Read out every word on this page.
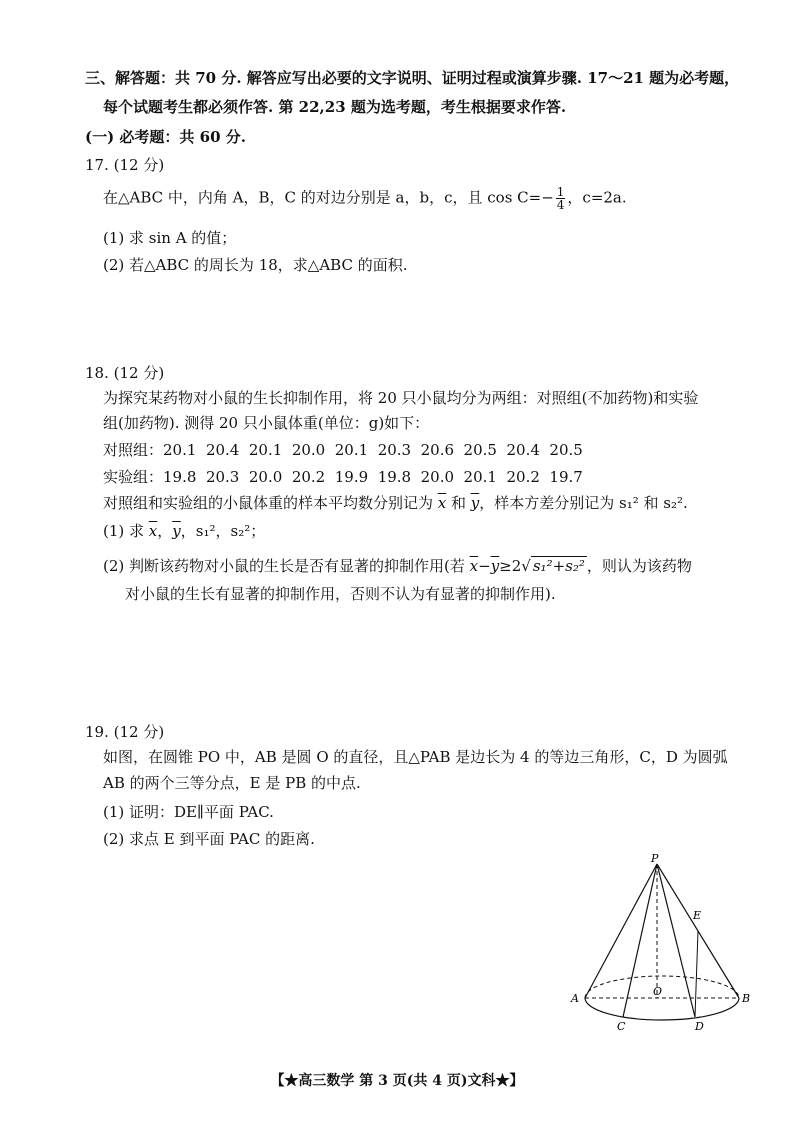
三、解答题：共 70 分. 解答应写出必要的文字说明、证明过程或演算步骤. 17～21 题为必考题，
每个试题考生都必须作答. 第 22,23 题为选考题，考生根据要求作答.
(一) 必考题：共 60 分.
17. (12 分)
在△ABC 中，内角 A，B，C 的对边分别是 a，b，c，且 $\cos C=- \frac{1}{4}$ ，c=2a.
(1) 求 sin A 的值；
(2) 若△ABC 的周长为 18，求△ABC 的面积.
18. (12 分)
为探究某药物对小鼠的生长抑制作用，将 20 只小鼠均分为两组：对照组(不加药物)和实验
组(加药物). 测得 20 只小鼠体重(单位：g)如下：
对照组：20.1  20.4  20.1  20.0  20.1  20.3  20.6  20.5  20.4  20.5
实验组：19.8  20.3  20.0  20.2  19.9  19.8  20.0  20.1  20.2  19.7
对照组和实验组的小鼠体重的样本平均数分别记为 $\overline{x}$ 和 $\overline{y}$，样本方差分别记为 s₁² 和 s₂².
(1) 求 $\overline{x}$，$\overline{y}$，s₁²，s₂²；
(2) 判断该药物对小鼠的生长是否有显著的抑制作用(若 $\overline{x}-\overline{y}\ge 2√$ s₁²+s₂² ，则认为该药物
对小鼠的生长有显著的抑制作用，否则不认为有显著的抑制作用).
19. (12 分)
如图，在圆锥 PO 中，AB 是圆 O 的直径，且△PAB 是边长为 4 的等边三角形，C，D 为圆弧
AB 的两个三等分点，E 是 PB 的中点.
(1) 证明：DE∥平面 PAC.
(2) 求点 E 到平面 PAC 的距离.
P
E
A
O
B
C	D
【★高三数学 第 3 页(共 4 页)文科★】
